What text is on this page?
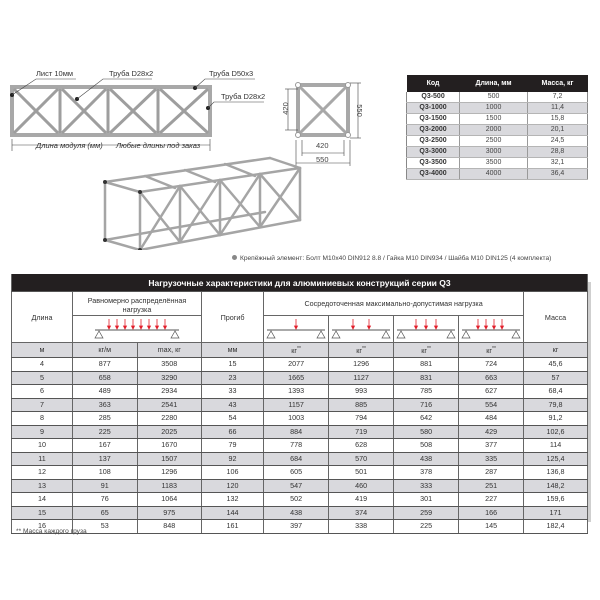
Лист 10мм	Труба D28x2	Труба D50x3
Труба D28x2
Длина модуля (мм) Любые длины под заказ
420	550
420
550
Код	Длина, мм	Масса, кг
Q3-500	500	7,2
Q3-1000	1000	11,4
Q3-1500	1500	15,8
Q3-2000	2000	20,1
Q3-2500	2500	24,5
Q3-3000	3000	28,8
Q3-3500	3500	32,1
Q3-4000	4000	36,4
Крепёжный элемент: Болт M10x40 DIN912 8.8 / Гайка M10 DIN934 / Шайба M10 DIN125 (4 комплекта)
Нагрузочные характеристики для алюминиевых конструкций серии Q3								
Длина	Равномерно распределённая нагрузка		Прогиб	Сосредоточенная максимально-допустимая нагрузка				Масса

м	кг/м	max, кг	мм	кг**	кг**	кг**	кг**	кг
4	877	3508	15	2077	1296	881	724	45,6
5	658	3290	23	1665	1127	831	663	57
6	489	2934	33	1393	993	785	627	68,4
7	363	2541	43	1157	885	716	554	79,8
8	285	2280	54	1003	794	642	484	91,2
9	225	2025	66	884	719	580	429	102,6
10	167	1670	79	778	628	508	377	114
11	137	1507	92	684	570	438	335	125,4
12	108	1296	106	605	501	378	287	136,8
13	91	1183	120	547	460	333	251	148,2
14	76	1064	132	502	419	301	227	159,6
15	65	975	144	438	374	259	166	171
16	53	848	161	397	338	225	145	182,4
** Масса каждого груза
